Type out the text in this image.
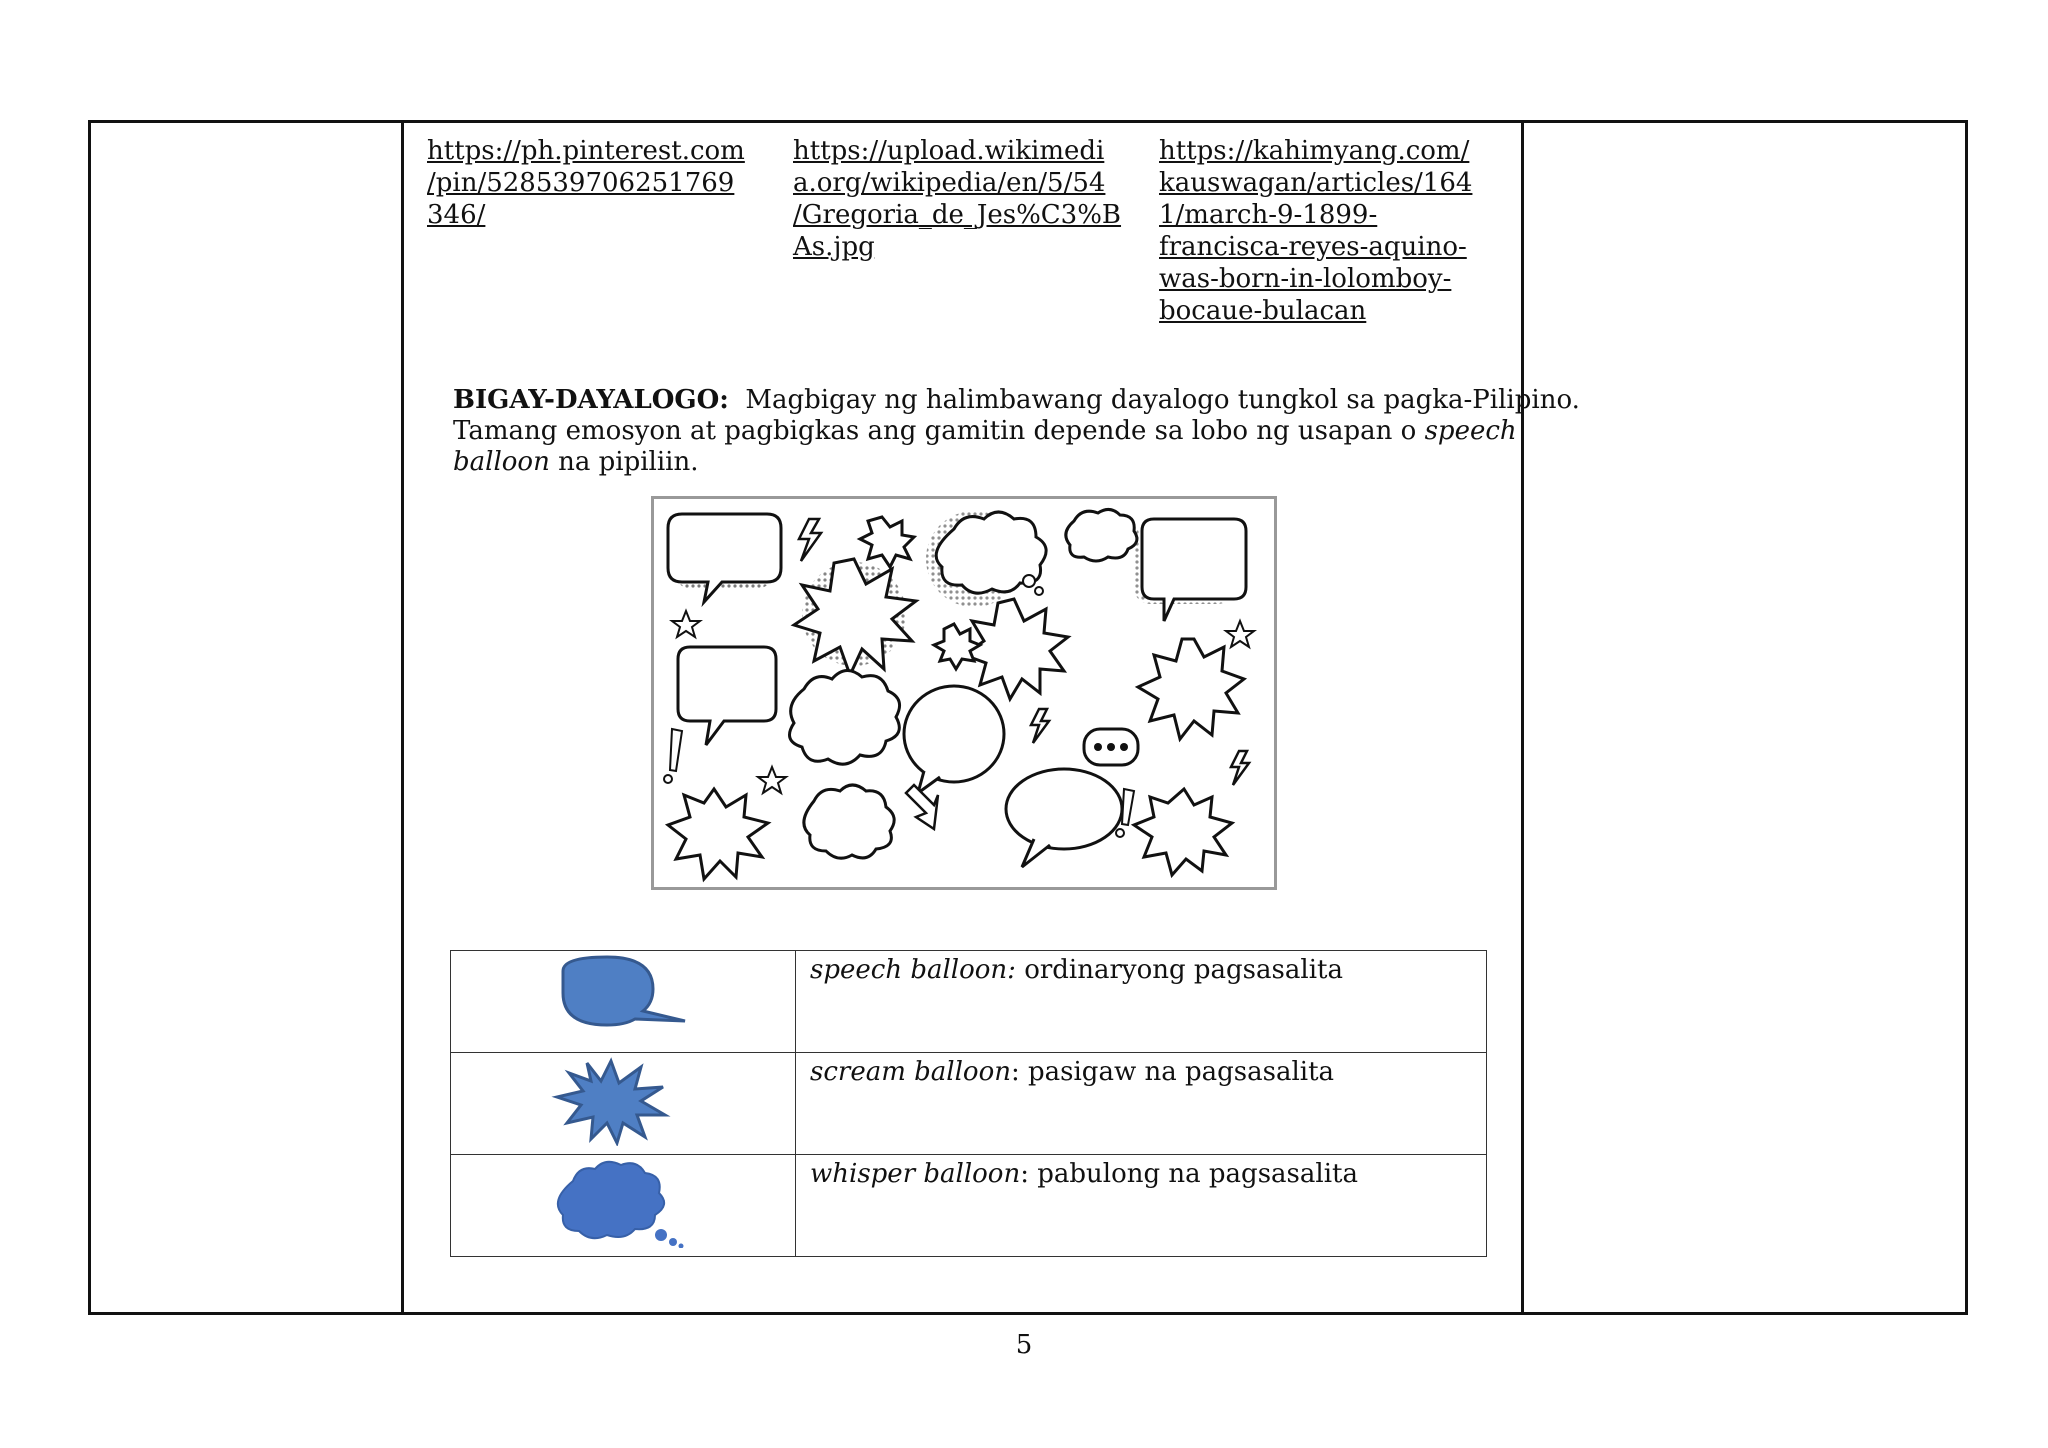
https://ph.pinterest.com
/pin/528539706251769
346/
https://upload.wikimedi
a.org/wikipedia/en/5/54
/Gregoria_de_Jes%C3%B
As.jpg
https://kahimyang.com/
kauswagan/articles/164
1/march-9-1899-
francisca-reyes-aquino-
was-born-in-lolomboy-
bocaue-bulacan
BIGAY-DAYALOGO: Magbigay ng halimbawang dayalogo tungkol sa pagka-Pilipino. Tamang emosyon at pagbigkas ang gamitin depende sa lobo ng usapan o speech balloon na pipiliin.
	speech balloon: ordinaryong pagsasalita
	scream balloon: pasigaw na pagsasalita
	whisper balloon: pabulong na pagsasalita
5
